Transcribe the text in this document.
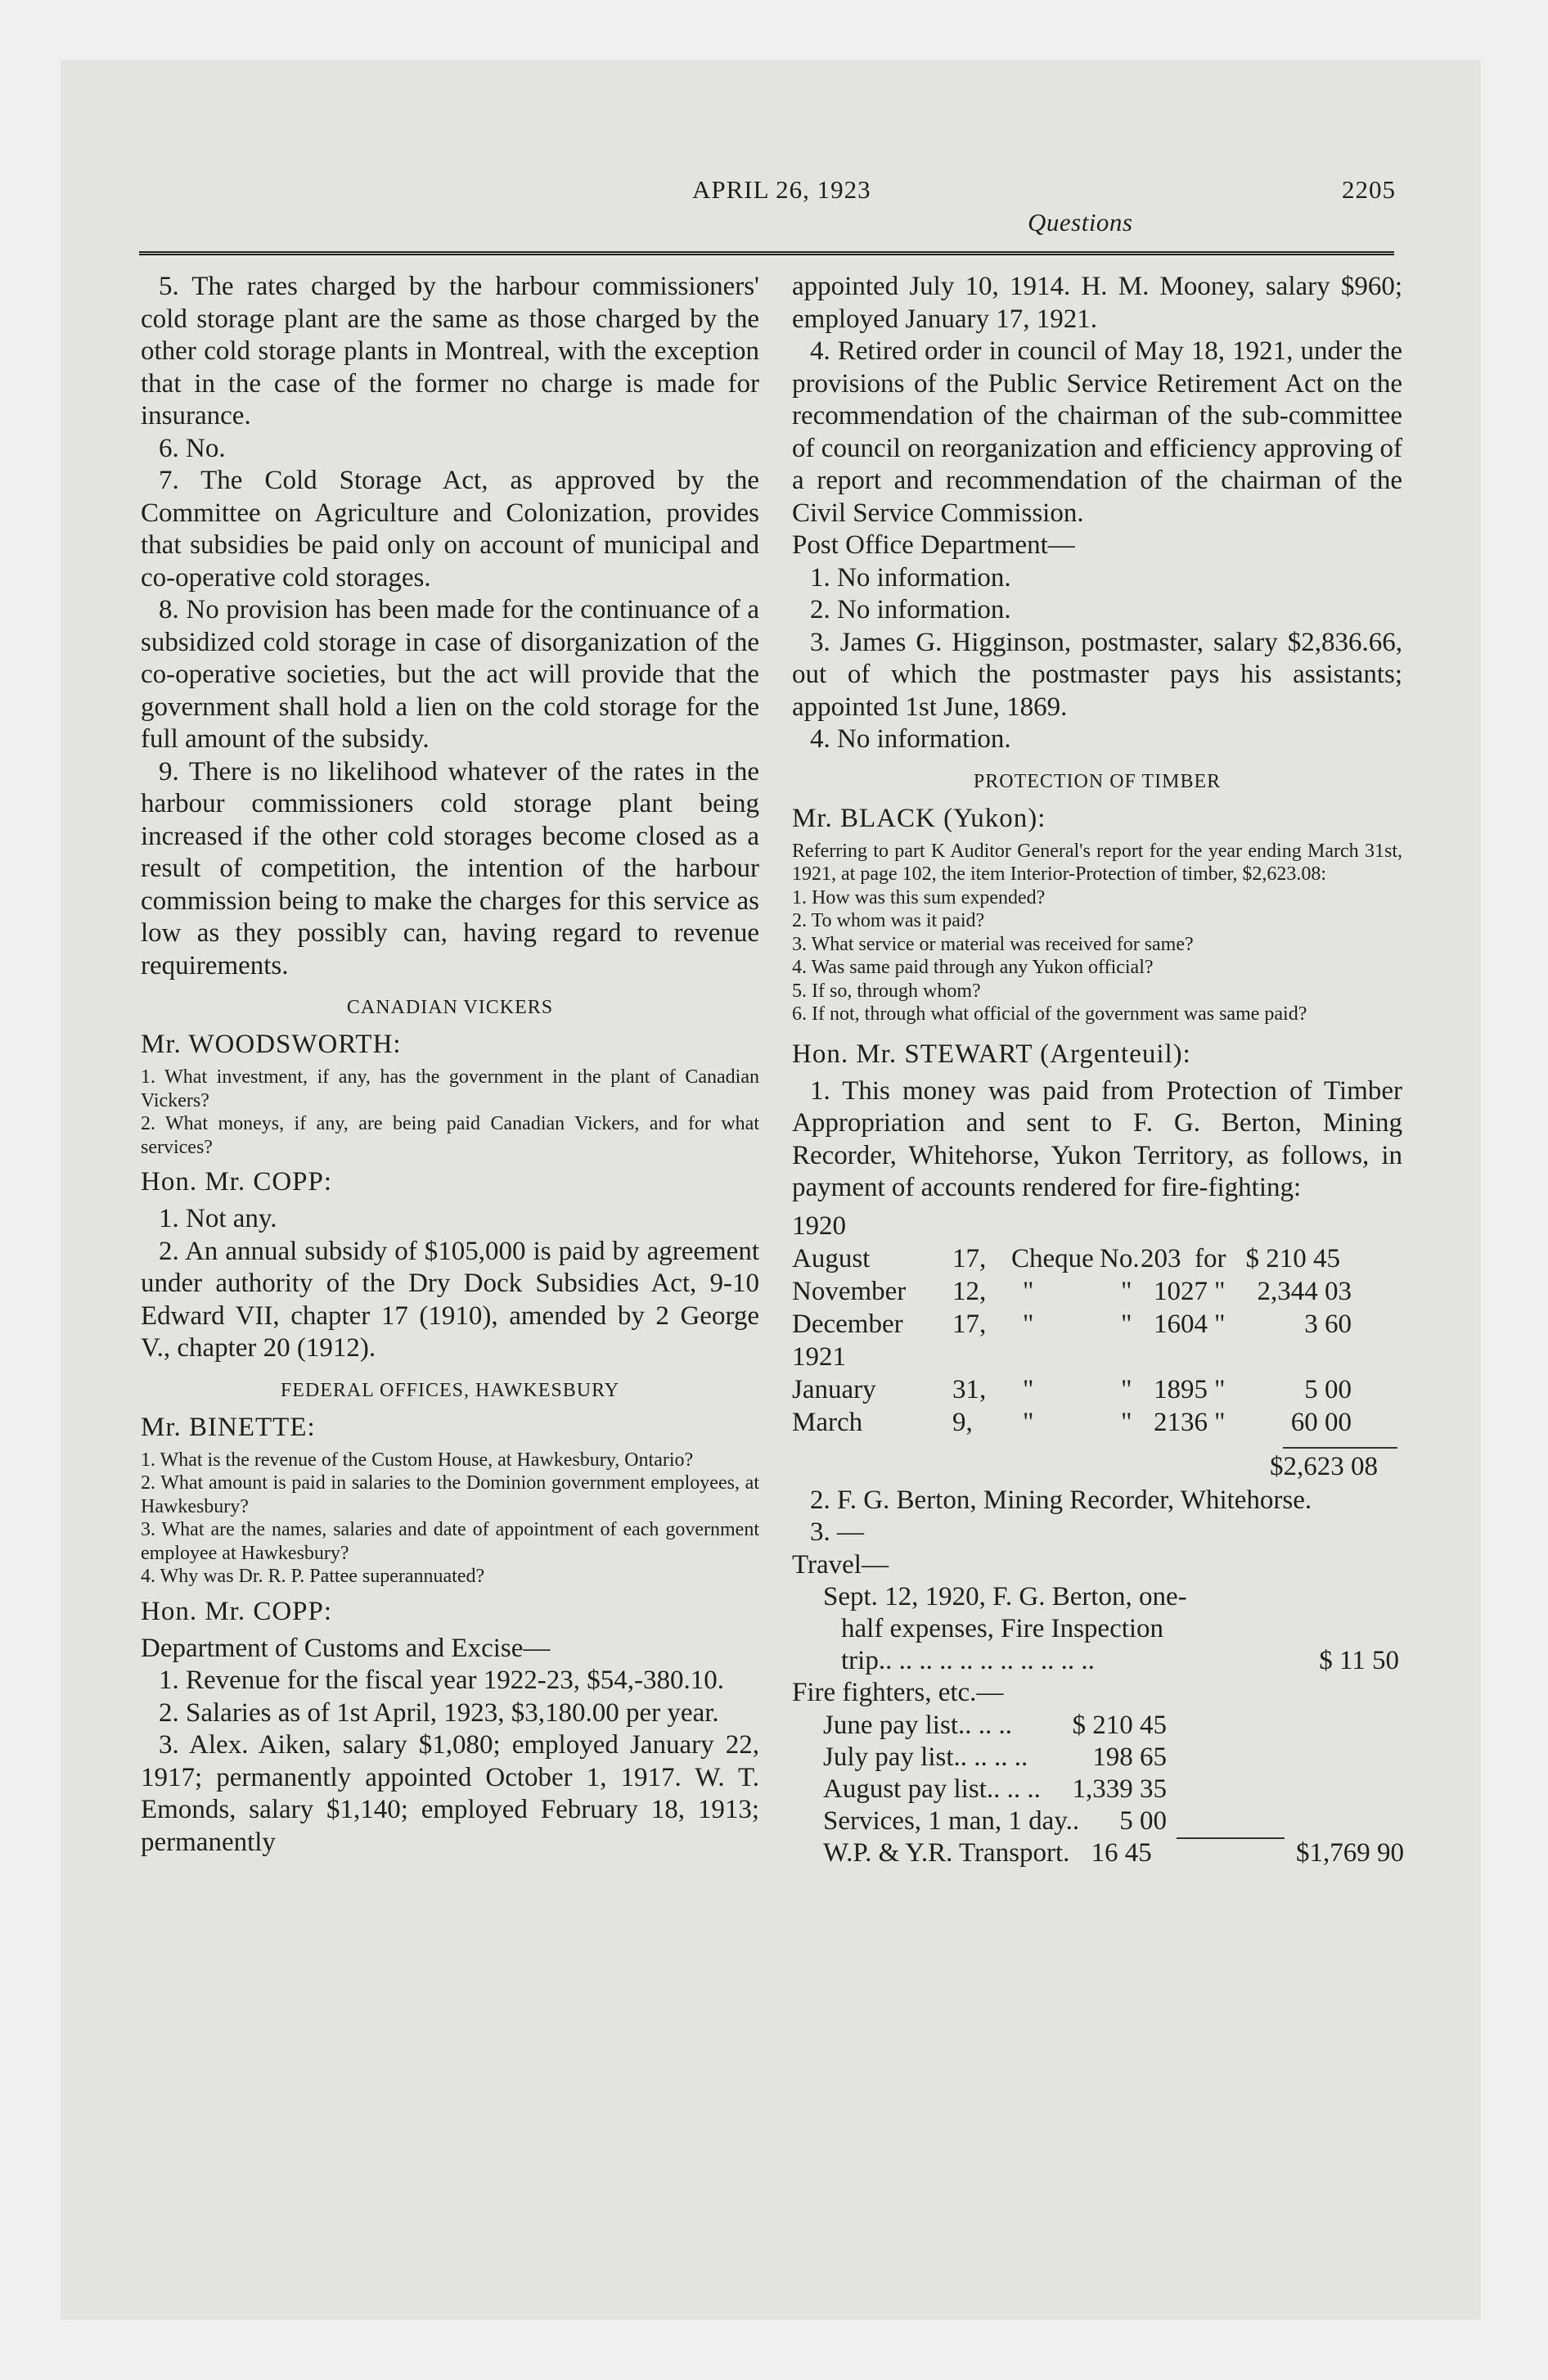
APRIL 26, 1923	2205
Questions

5. The rates charged by the harbour commissioners' cold storage plant are the same as those charged by the other cold storage plants in Montreal, with the exception that in the case of the former no charge is made for insurance.

6. No.

7. The Cold Storage Act, as approved by the Committee on Agriculture and Colonization, provides that subsidies be paid only on account of municipal and co-operative cold storages.

8. No provision has been made for the continuance of a subsidized cold storage in case of disorganization of the co-operative societies, but the act will provide that the government shall hold a lien on the cold storage for the full amount of the subsidy.

9. There is no likelihood whatever of the rates in the harbour commissioners cold storage plant being increased if the other cold storages become closed as a result of competition, the intention of the harbour commission being to make the charges for this service as low as they possibly can, having regard to revenue requirements.

CANADIAN VICKERS
Mr. WOODSWORTH:

1. What investment, if any, has the government in the plant of Canadian Vickers?

2. What moneys, if any, are being paid Canadian Vickers, and for what services?

Hon. Mr. COPP:

1. Not any.

2. An annual subsidy of $105,000 is paid by agreement under authority of the Dry Dock Subsidies Act, 9-10 Edward VII, chapter 17 (1910), amended by 2 George V., chapter 20 (1912).

FEDERAL OFFICES, HAWKESBURY
Mr. BINETTE:

1. What is the revenue of the Custom House, at Hawkesbury, Ontario?

2. What amount is paid in salaries to the Dominion government employees, at Hawkesbury?

3. What are the names, salaries and date of appointment of each government employee at Hawkesbury?

4. Why was Dr. R. P. Pattee superannuated?

Hon. Mr. COPP:

Department of Customs and Excise—

1. Revenue for the fiscal year 1922-23, $54,-380.10.

2. Salaries as of 1st April, 1923, $3,180.00 per year.

3. Alex. Aiken, salary $1,080; employed January 22, 1917; permanently appointed October 1, 1917. W. T. Emonds, salary $1,140; employed February 18, 1913; permanently

appointed July 10, 1914. H. M. Mooney, salary $960; employed January 17, 1921.

4. Retired order in council of May 18, 1921, under the provisions of the Public Service Retirement Act on the recommendation of the chairman of the sub-committee of council on reorganization and efficiency approving of a report and recommendation of the chairman of the Civil Service Commission.

Post Office Department—

1. No information.

2. No information.

3. James G. Higginson, postmaster, salary $2,836.66, out of which the postmaster pays his assistants; appointed 1st June, 1869.

4. No information.

PROTECTION OF TIMBER
Mr. BLACK (Yukon):

Referring to part K Auditor General's report for the year ending March 31st, 1921, at page 102, the item Interior-Protection of timber, $2,623.08:

1. How was this sum expended?

2. To whom was it paid?

3. What service or material was received for same?

4. Was same paid through any Yukon official?

5. If so, through whom?

6. If not, through what official of the government was same paid?

Hon. Mr. STEWART (Argenteuil):

1. This money was paid from Protection of Timber Appropriation and sent to F. G. Berton, Mining Recorder, Whitehorse, Yukon Territory, as follows, in payment of accounts rendered for fire-fighting:

1920
August	17, Cheque No. 203 for $ 210 45
November	12,	"	" 1027 "	2,344 03
December	17,	"	" 1604 "	3 60
1921
January	31,	"	" 1895 "	5 00
March	9,	"	" 2136 "	60 00
$2,623 08

2. F. G. Berton, Mining Recorder, Whitehorse.

3. —

Travel—

Sept. 12, 1920, F. G. Berton, one-
half expenses, Fire Inspection
trip.. .. .. .. .. .. .. .. .. .. ..	$ 11 50

Fire fighters, etc.—

June pay list.. .. ..	$ 210 45
July pay list.. .. .. ..	198 65
August pay list.. .. ..	1,339 35
Services, 1 man, 1 day..	5 00
W.P. & Y.R. Transport. 16 45	$1,769 90
